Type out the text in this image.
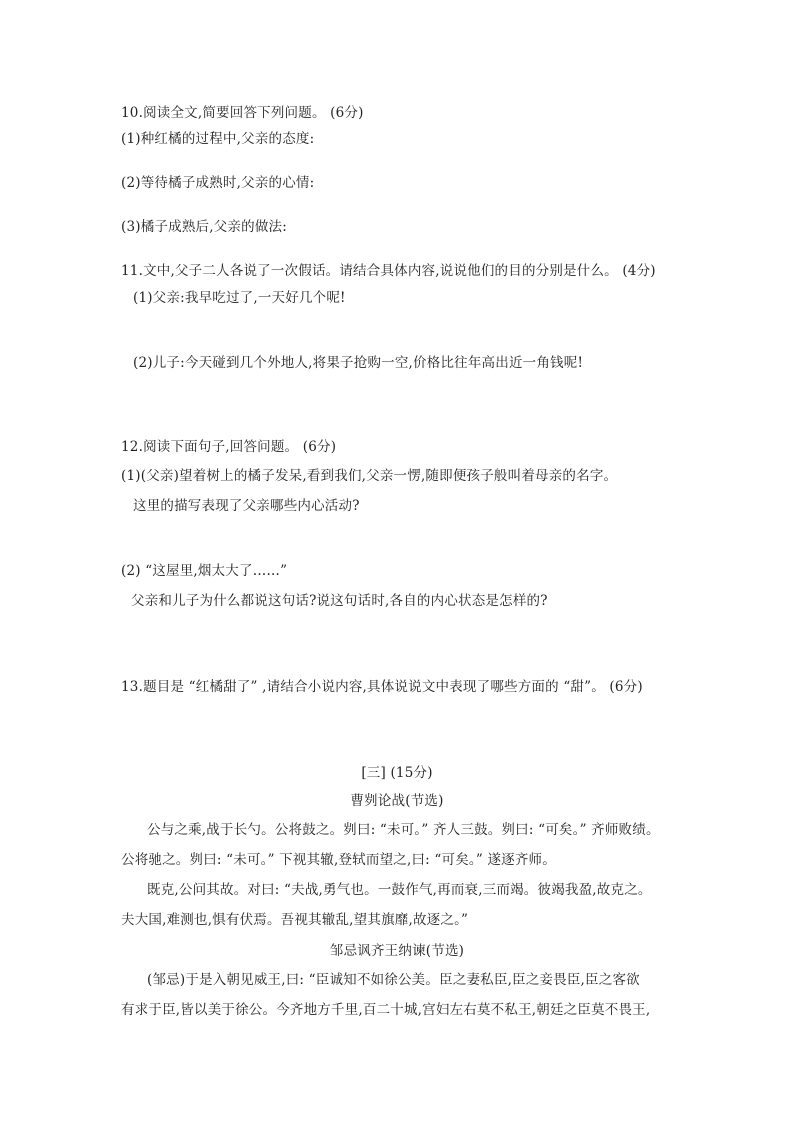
10.阅读全文,简要回答下列问题。 (6分)
(1)种红橘的过程中,父亲的态度:
(2)等待橘子成熟时,父亲的心情:
(3)橘子成熟后,父亲的做法:
11.文中,父子二人各说了一次假话。请结合具体内容,说说他们的目的分别是什么。 (4分)
(1)父亲:我早吃过了,一天好几个呢!
(2)儿子:今天碰到几个外地人,将果子抢购一空,价格比往年高出近一角钱呢!
12.阅读下面句子,回答问题。 (6分)
(1)(父亲)望着树上的橘子发呆,看到我们,父亲一愣,随即便孩子般叫着母亲的名字。
这里的描写表现了父亲哪些内心活动?
(2) “这屋里,烟太大了……”
父亲和儿子为什么都说这句话?说这句话时,各自的内心状态是怎样的?
13.题目是 “红橘甜了” ,请结合小说内容,具体说说文中表现了哪些方面的 “甜”。 (6分)
[三] (15分)
曹刿论战(节选)
公与之乘,战于长勺。公将鼓之。刿曰: “未可。” 齐人三鼓。刿曰: “可矣。” 齐师败绩。
公将驰之。刿曰: “未可。” 下视其辙,登轼而望之,曰: “可矣。” 遂逐齐师。
既克,公问其故。对曰: “夫战,勇气也。一鼓作气,再而衰,三而竭。彼竭我盈,故克之。
夫大国,难测也,惧有伏焉。吾视其辙乱,望其旗靡,故逐之。”
邹忌讽齐王纳谏(节选)
(邹忌)于是入朝见威王,曰: “臣诚知不如徐公美。臣之妻私臣,臣之妾畏臣,臣之客欲
有求于臣,皆以美于徐公。今齐地方千里,百二十城,宫妇左右莫不私王,朝廷之臣莫不畏王,
